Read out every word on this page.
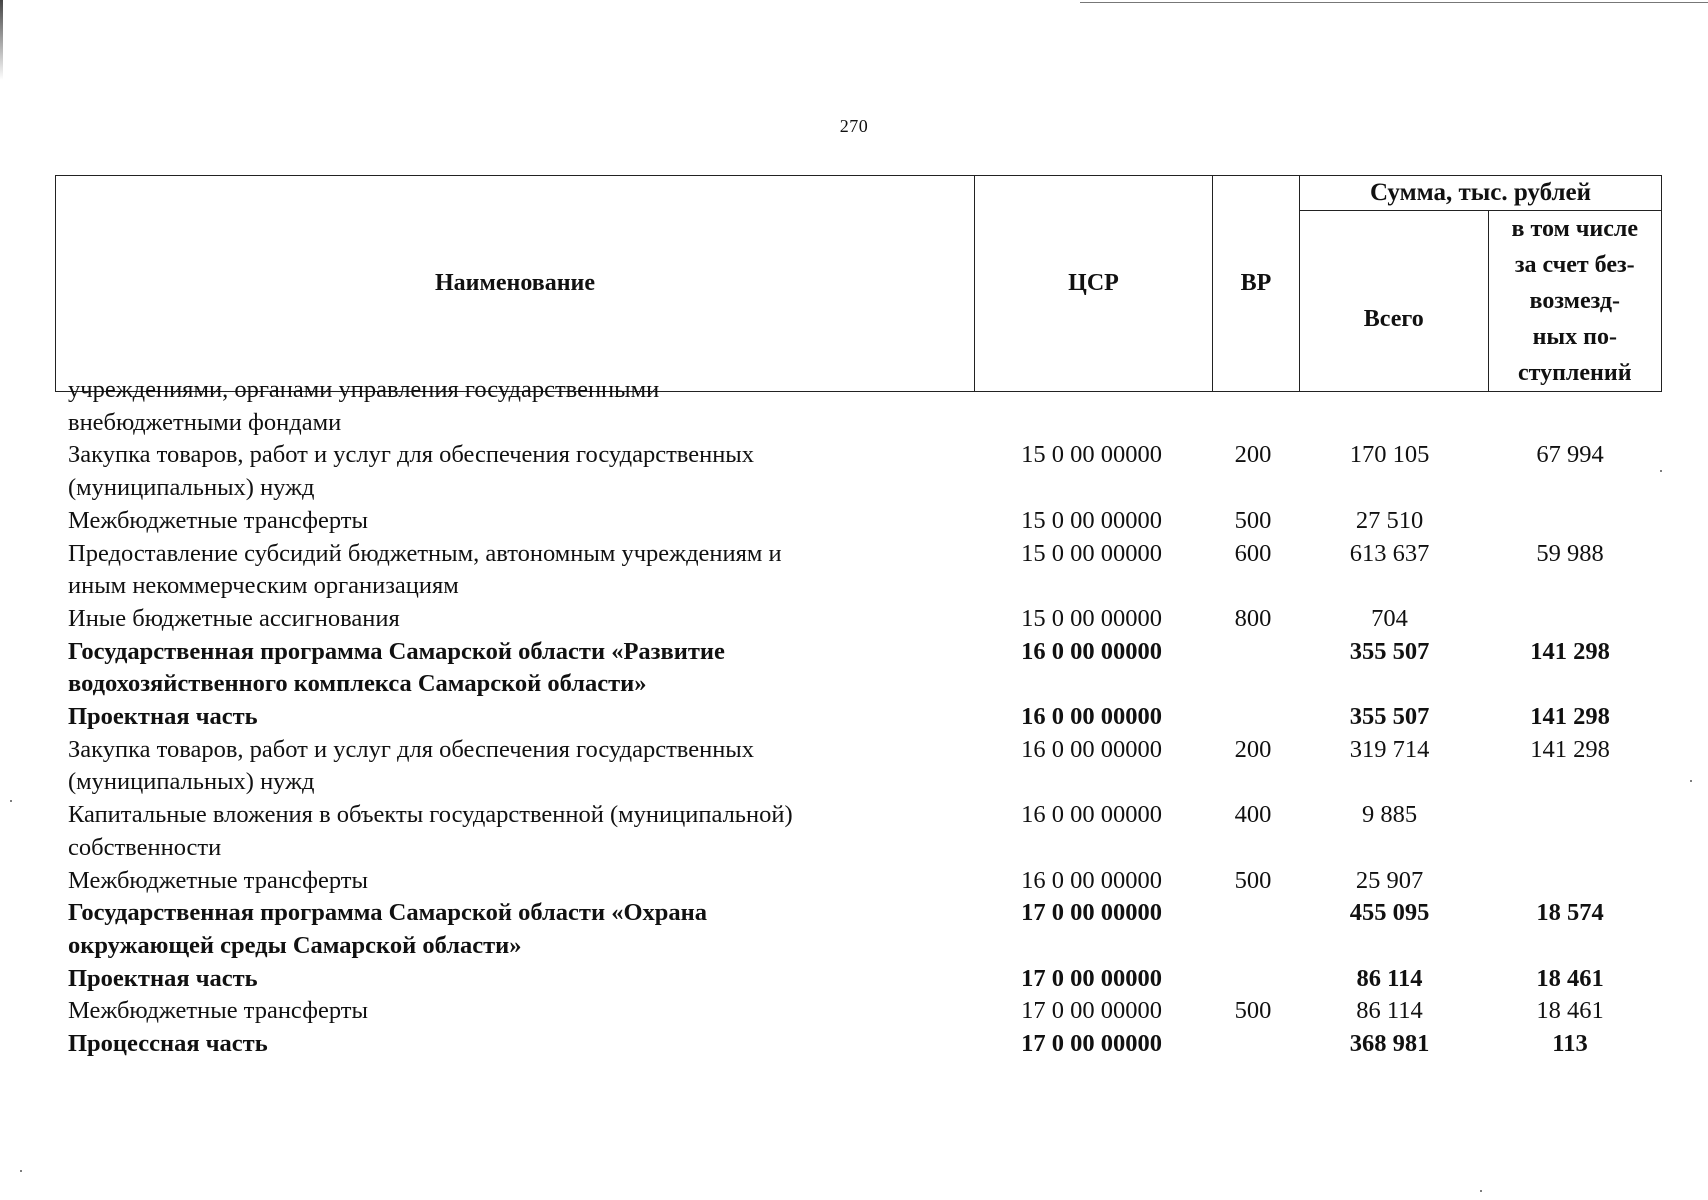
270
Наименование	ЦСР	ВР	Сумма, тыс. рублей	
			Всего	в том числе
за счет без-
возмезд-
ных по-
ступлений
учреждениями, органами управления государственными
внебюджетными фондами				

Закупка товаров, работ и услуг для обеспечения государственных
(муниципальных) нужд	15 0 00 00000	200	170 105	67 994

Межбюджетные трансферты	15 0 00 00000	500	27 510	

Предоставление субсидий бюджетным, автономным учреждениям и
иным некоммерческим организациям	15 0 00 00000	600	613 637	59 988

Иные бюджетные ассигнования	15 0 00 00000	800	704	

Государственная программа Самарской области «Развитие
водохозяйственного комплекса Самарской области»	16 0 00 00000		355 507	141 298

Проектная часть	16 0 00 00000		355 507	141 298

Закупка товаров, работ и услуг для обеспечения государственных
(муниципальных) нужд	16 0 00 00000	200	319 714	141 298

Капитальные вложения в объекты государственной (муниципальной)
собственности	16 0 00 00000	400	9 885	

Межбюджетные трансферты	16 0 00 00000	500	25 907	

Государственная программа Самарской области «Охрана
окружающей среды Самарской области»	17 0 00 00000		455 095	18 574

Проектная часть	17 0 00 00000		86 114	18 461

Межбюджетные трансферты	17 0 00 00000	500	86 114	18 461

Процессная часть	17 0 00 00000		368 981	113
